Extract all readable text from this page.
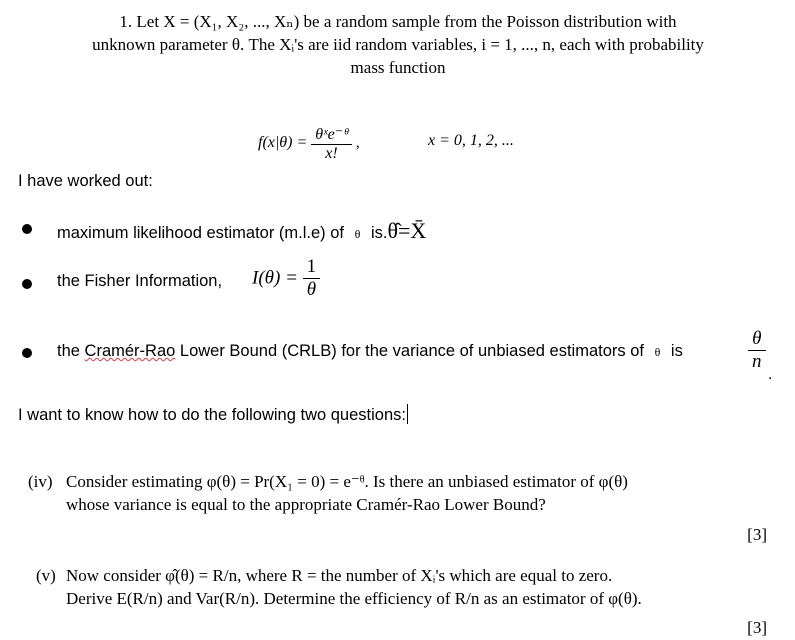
1. Let X = (X₁, X₂, ..., Xₙ) be a random sample from the Poisson distribution with
unknown parameter θ. The Xᵢ's are iid random variables, i = 1, ..., n, each with probability
mass function
$f(x|\theta) = \frac{\text{θˣe⁻ᶿ}}{x!}$ ,	x = 0, 1, 2, ...
I have worked out:
maximum likelihood estimator (m.l.e) of θ is.θ̂=X̄
the Fisher Information, $I(\theta) = \frac{1}{\theta}$
the Cramér-Rao Lower Bound (CRLB) for the variance of unbiased estimators of θ is	$\frac{\theta}{n}$
.
I want to know how to do the following two questions:
(iv) Consider estimating φ(θ) = Pr(X₁ = 0) = e⁻ᶿ. Is there an unbiased estimator of φ(θ)
whose variance is equal to the appropriate Cramér-Rao Lower Bound?
[3]
(v) Now consider φ̂(θ) = R/n, where R = the number of Xᵢ's which are equal to zero.
Derive E(R/n) and Var(R/n). Determine the efficiency of R/n as an estimator of φ(θ).
[3]
